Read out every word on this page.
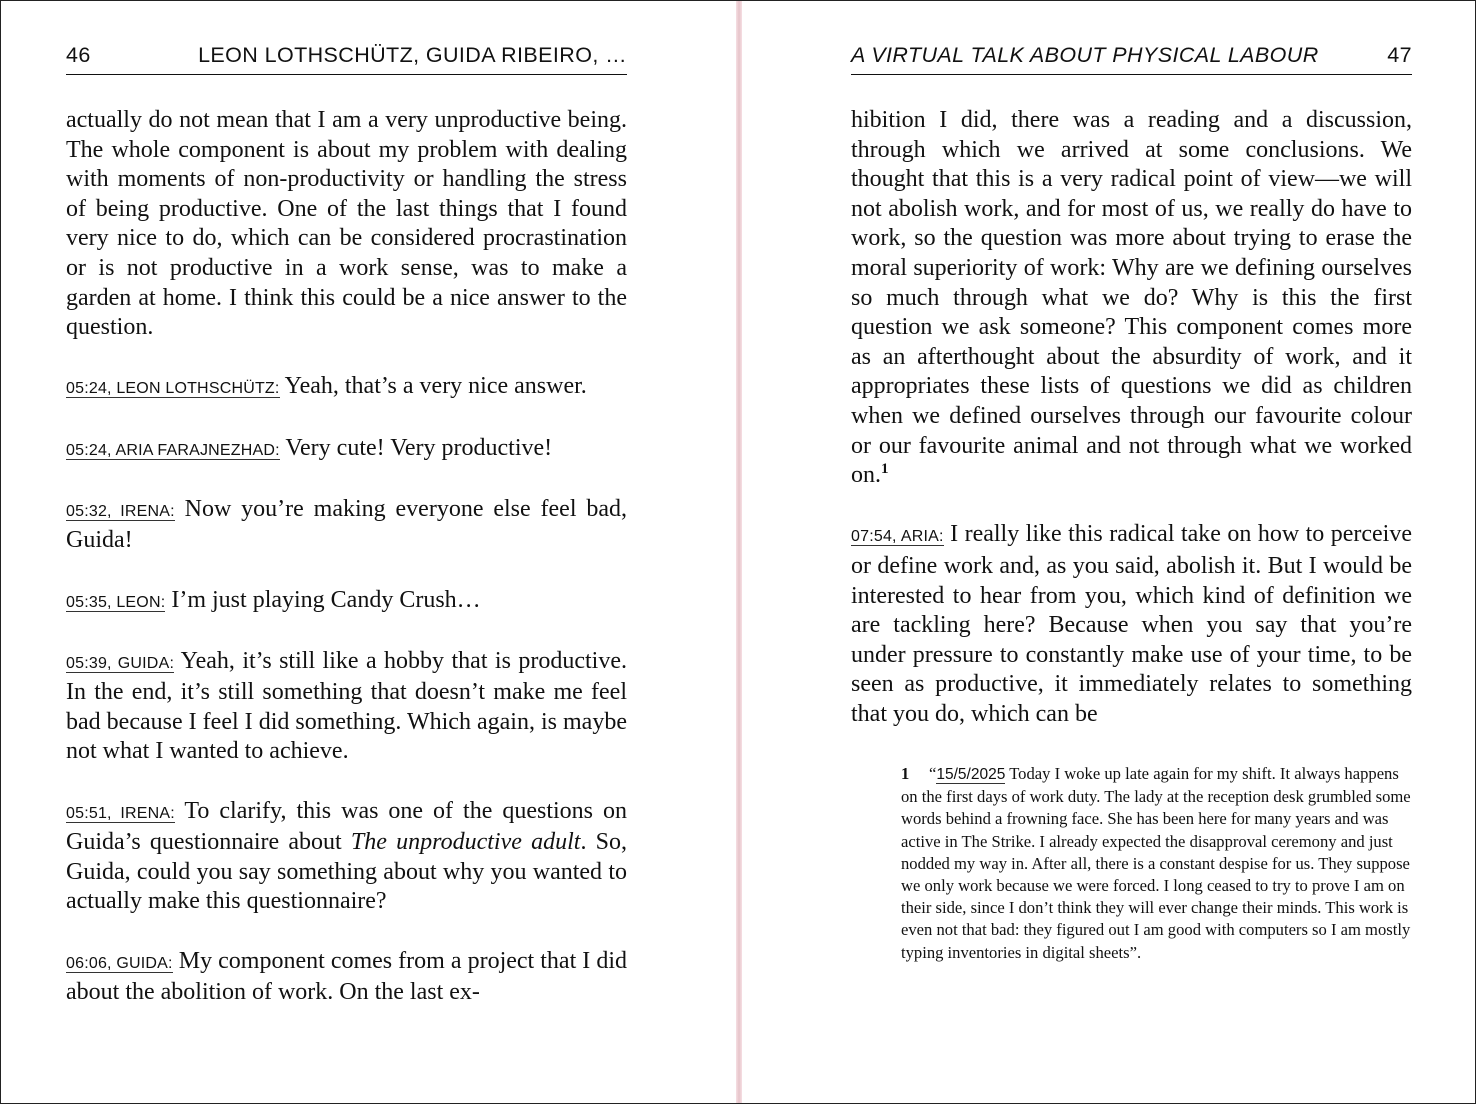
46	LEON LOTHSCHÜTZ, GUIDA RIBEIRO, …

actually do not mean that I am a very unproductive being. The whole component is about my problem with dealing with moments of non-productivity or handling the stress of being productive. One of the last things that I found very nice to do, which can be considered procrastination or is not productive in a work sense, was to make a garden at home. I think this could be a nice answer to the question.

05:24, LEON LOTHSCHÜTZ: Yeah, that’s a very nice answer.

05:24, ARIA FARAJNEZHAD: Very cute! Very productive!

05:32, IRENA: Now you’re making everyone else feel bad, Guida!

05:35, LEON: I’m just playing Candy Crush…

05:39, GUIDA: Yeah, it’s still like a hobby that is productive. In the end, it’s still something that doesn’t make me feel bad because I feel I did something. Which again, is maybe not what I wanted to achieve.

05:51, IRENA: To clarify, this was one of the questions on Guida’s questionnaire about The unproductive adult. So, Guida, could you say something about why you wanted to actually make this questionnaire?

06:06, GUIDA: My component comes from a project that I did about the abolition of work. On the last ex-

A VIRTUAL TALK ABOUT PHYSICAL LABOUR	47

hibition I did, there was a reading and a discussion, through which we arrived at some conclusions. We thought that this is a very radical point of view—we will not abolish work, and for most of us, we really do have to work, so the question was more about trying to erase the moral superiority of work: Why are we defining ourselves so much through what we do? Why is this the first question we ask someone? This component comes more as an afterthought about the absurdity of work, and it appropriates these lists of questions we did as children when we defined ourselves through our favourite colour or our favourite animal and not through what we worked on.$^1$

07:54, ARIA: I really like this radical take on how to perceive or define work and, as you said, abolish it. But I would be interested to hear from you, which kind of definition we are tackling here? Because when you say that you’re under pressure to constantly make use of your time, to be seen as productive, it immediately relates to something that you do, which can be

1 “15/5/2025 Today I woke up late again for my shift. It always happens on the first days of work duty. The lady at the reception desk grumbled some words behind a frowning face. She has been here for many years and was active in The Strike. I already expected the disapproval ceremony and just nodded my way in. After all, there is a constant despise for us. They suppose we only work because we were forced. I long ceased to try to prove I am on their side, since I don’t think they will ever change their minds. This work is even not that bad: they figured out I am good with computers so I am mostly typing inventories in digital sheets”.
